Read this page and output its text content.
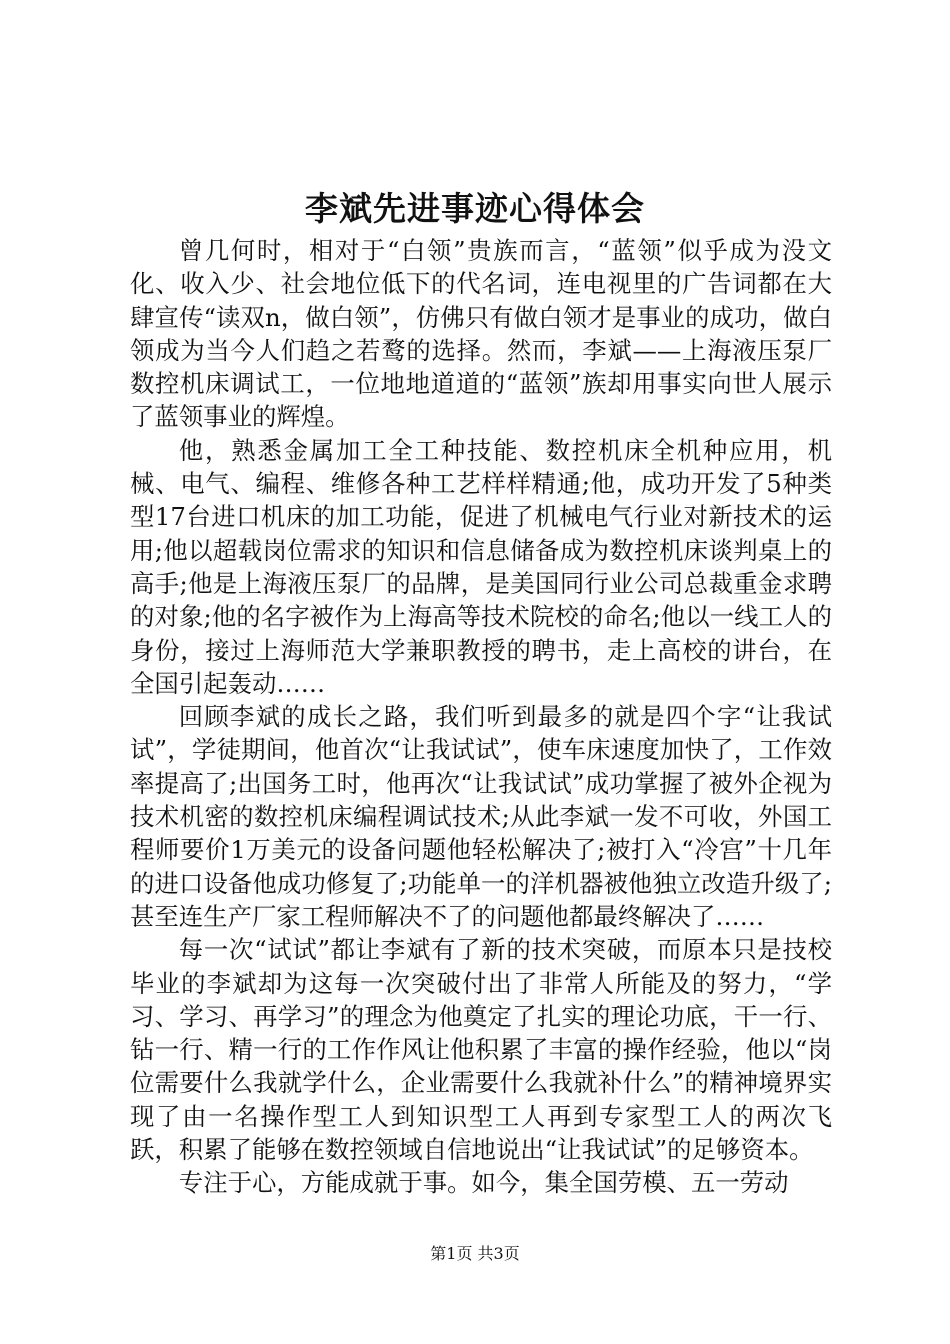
李斌先进事迹心得体会

曾几何时，相对于“白领”贵族而言，“蓝领”似乎成为没文化、收入少、社会地位低下的代名词，连电视里的广告词都在大肆宣传“读双n，做白领”，仿佛只有做白领才是事业的成功，做白领成为当今人们趋之若鹜的选择。然而，李斌——上海液压泵厂数控机床调试工，一位地地道道的“蓝领”族却用事实向世人展示了蓝领事业的辉煌。

他，熟悉金属加工全工种技能、数控机床全机种应用，机械、电气、编程、维修各种工艺样样精通;他，成功开发了5种类型17台进口机床的加工功能，促进了机械电气行业对新技术的运用;他以超载岗位需求的知识和信息储备成为数控机床谈判桌上的高手;他是上海液压泵厂的品牌，是美国同行业公司总裁重金求聘的对象;他的名字被作为上海高等技术院校的命名;他以一线工人的身份，接过上海师范大学兼职教授的聘书，走上高校的讲台，在全国引起轰动……

回顾李斌的成长之路，我们听到最多的就是四个字“让我试试”，学徒期间，他首次“让我试试”，使车床速度加快了，工作效率提高了;出国务工时，他再次“让我试试”成功掌握了被外企视为技术机密的数控机床编程调试技术;从此李斌一发不可收，外国工程师要价1万美元的设备问题他轻松解决了;被打入“冷宫”十几年的进口设备他成功修复了;功能单一的洋机器被他独立改造升级了;甚至连生产厂家工程师解决不了的问题他都最终解决了……

每一次“试试”都让李斌有了新的技术突破，而原本只是技校毕业的李斌却为这每一次突破付出了非常人所能及的努力，“学习、学习、再学习”的理念为他奠定了扎实的理论功底，干一行、钻一行、精一行的工作作风让他积累了丰富的操作经验，他以“岗位需要什么我就学什么，企业需要什么我就补什么”的精神境界实现了由一名操作型工人到知识型工人再到专家型工人的两次飞跃，积累了能够在数控领域自信地说出“让我试试”的足够资本。

专注于心，方能成就于事。如今，集全国劳模、五一劳动

第1页 共3页
